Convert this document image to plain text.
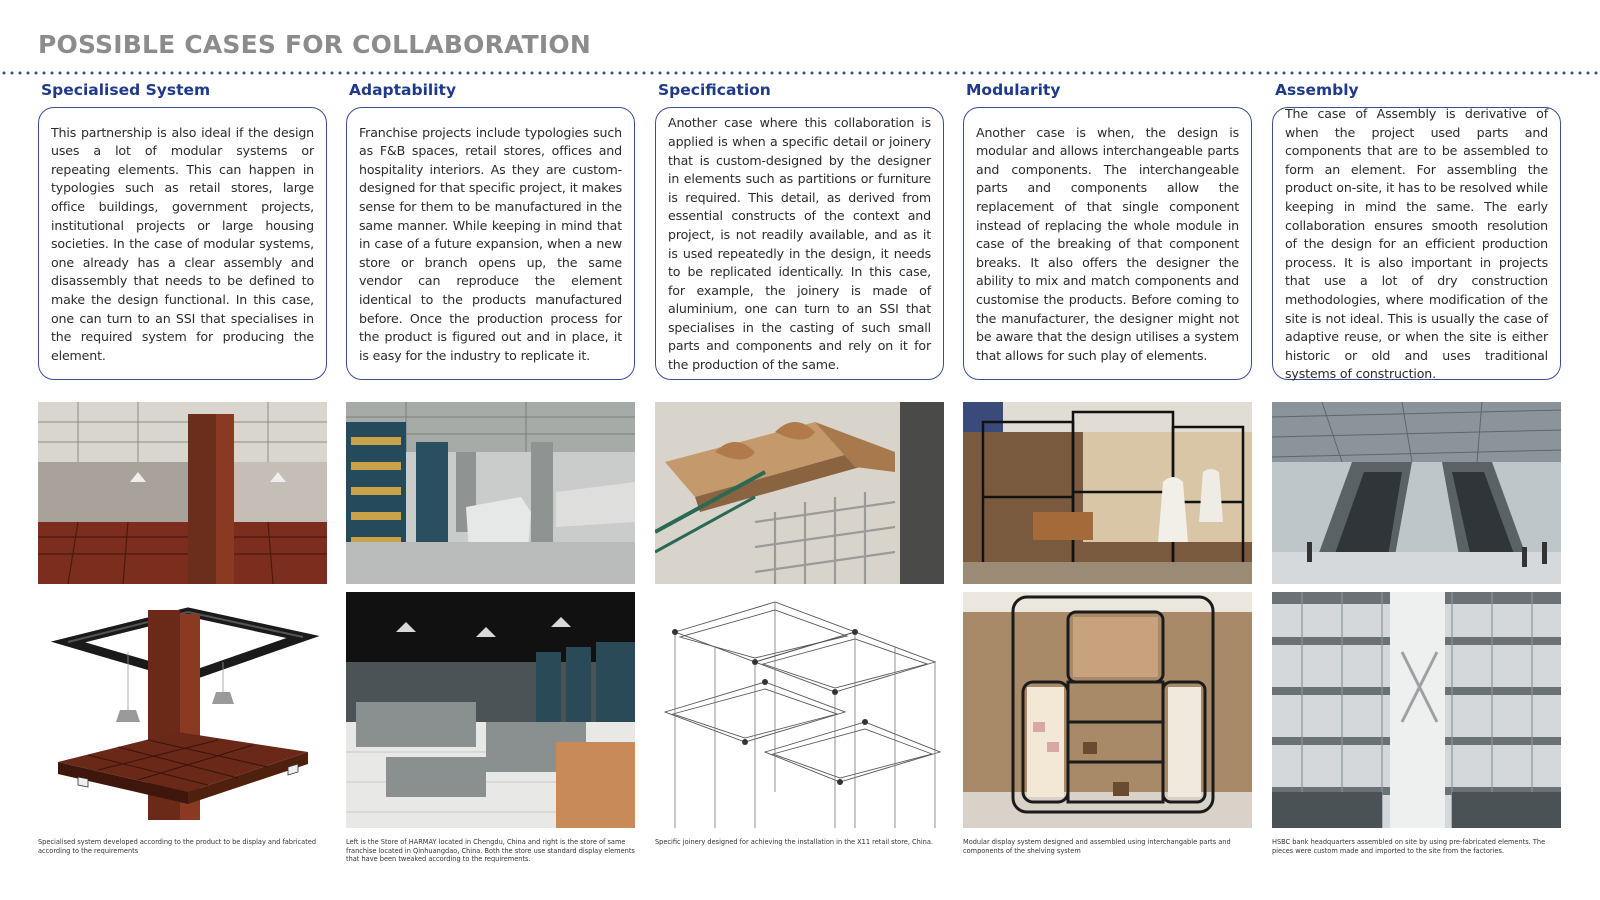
POSSIBLE CASES FOR COLLABORATION
Specialised System

This partnership is also ideal if the design uses a lot of modular systems or repeating elements. This can happen in typologies such as retail stores, large office buildings, government projects, institutional projects or large housing societies. In the case of modular systems, one already has a clear assembly and disassembly that needs to be defined to make the design functional. In this case, one can turn to an SSI that specialises in the required system for producing the element.

Specialised system developed according to the product to be display and fabricated according to the requirements
Adaptability

Franchise projects include typologies such as F&B spaces, retail stores, offices and hospitality interiors. As they are custom-designed for that specific project, it makes sense for them to be manufactured in the same manner. While keeping in mind that in case of a future expansion, when a new store or branch opens up, the same vendor can reproduce the element identical to the products manufactured before. Once the production process for the product is figured out and in place, it is easy for the industry to replicate it.

Left is the Store of HARMAY located in Chengdu, China and right is the store of same franchise located in Qinhuangdao, China. Both the store use standard display elements that have been tweaked according to the requirements.
Specification

Another case where this collaboration is applied is when a specific detail or joinery that is custom-designed by the designer in elements such as partitions or furniture is required. This detail, as derived from essential constructs of the context and project, is not readily available, and as it is used repeatedly in the design, it needs to be replicated identically. In this case, for example, the joinery is made of aluminium, one can turn to an SSI that specialises in the casting of such small parts and components and rely on it for the production of the same.

Specific joinery designed for achieving the installation in the X11 retail store, China.
Modularity

Another case is when, the design is modular and allows interchangeable parts and components. The interchangeable parts and components allow the replacement of that single component instead of replacing the whole module in case of the breaking of that component breaks. It also offers the designer the ability to mix and match components and customise the products. Before coming to the manufacturer, the designer might not be aware that the design utilises a system that allows for such play of elements.

Modular display system designed and assembled using interchangable parts and components of the shelving system
Assembly

The case of Assembly is derivative of when the project used parts and components that are to be assembled to form an element. For assembling the product on-site, it has to be resolved while keeping in mind the same. The early collaboration ensures smooth resolution of the design for an efficient production process. It is also important in projects that use a lot of dry construction methodologies, where modification of the site is not ideal. This is usually the case of adaptive reuse, or when the site is either historic or old and uses traditional systems of construction.

HSBC bank headquarters assembled on site by using pre-fabricated elements. The pieces were custom made and imported to the site from the factories.
